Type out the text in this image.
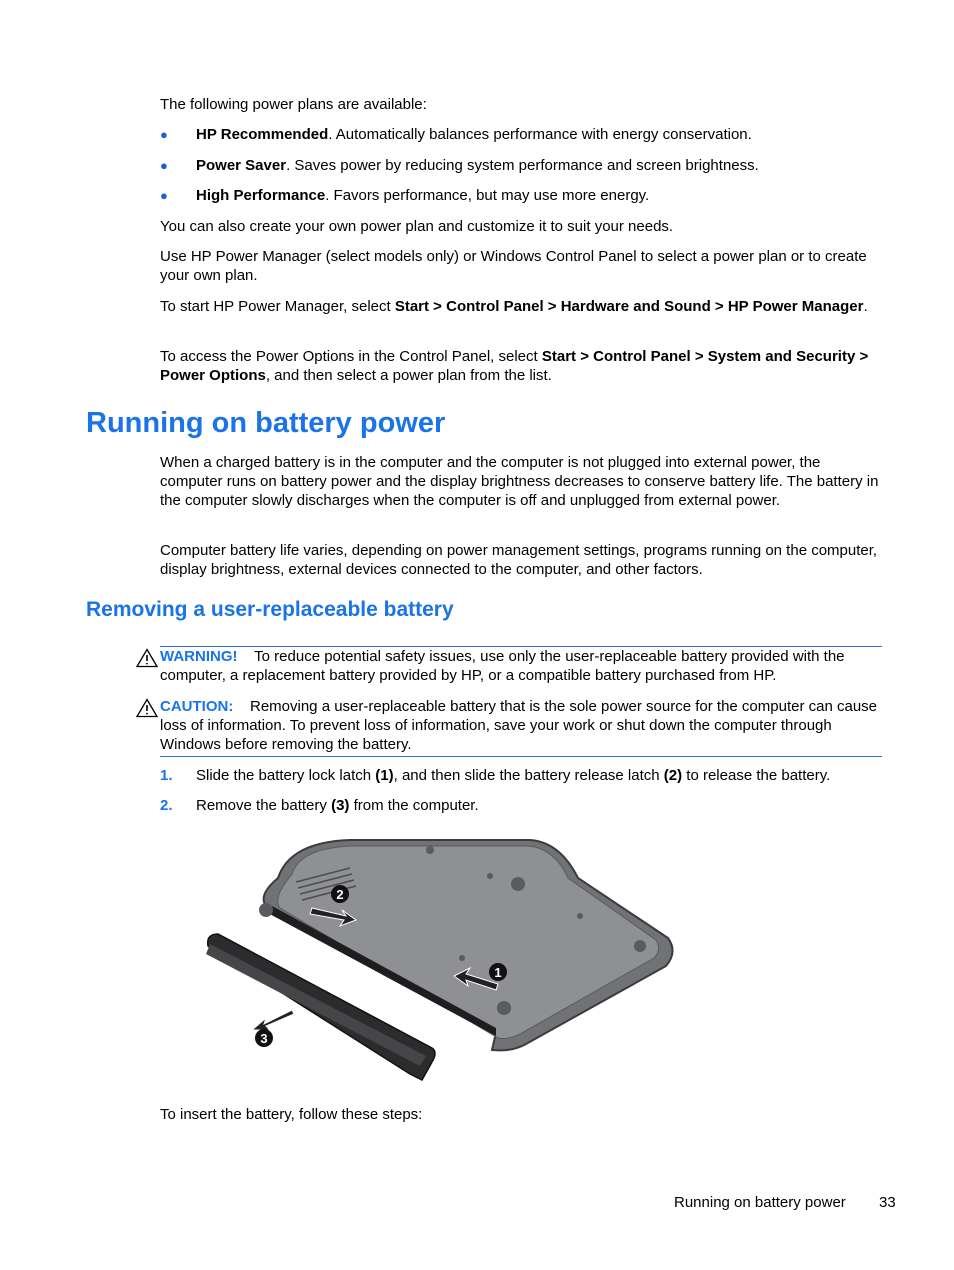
The following power plans are available:

● HP Recommended. Automatically balances performance with energy conservation.
● Power Saver. Saves power by reducing system performance and screen brightness.
● High Performance. Favors performance, but may use more energy.

You can also create your own power plan and customize it to suit your needs.

Use HP Power Manager (select models only) or Windows Control Panel to select a power plan or to create your own plan.

To start HP Power Manager, select Start > Control Panel > Hardware and Sound > HP Power Manager.

To access the Power Options in the Control Panel, select Start > Control Panel > System and Security > Power Options, and then select a power plan from the list.

Running on battery power

When a charged battery is in the computer and the computer is not plugged into external power, the computer runs on battery power and the display brightness decreases to conserve battery life. The battery in the computer slowly discharges when the computer is off and unplugged from external power.

Computer battery life varies, depending on power management settings, programs running on the computer, display brightness, external devices connected to the computer, and other factors.

Removing a user-replaceable battery
WARNING! To reduce potential safety issues, use only the user-replaceable battery provided with the computer, a replacement battery provided by HP, or a compatible battery purchased from HP.
CAUTION: Removing a user-replaceable battery that is the sole power source for the computer can cause loss of information. To prevent loss of information, save your work or shut down the computer through Windows before removing the battery.
1. Slide the battery lock latch (1), and then slide the battery release latch (2) to release the battery.
2. Remove the battery (3) from the computer.
1
2
3

To insert the battery, follow these steps:

Running on battery power 33
